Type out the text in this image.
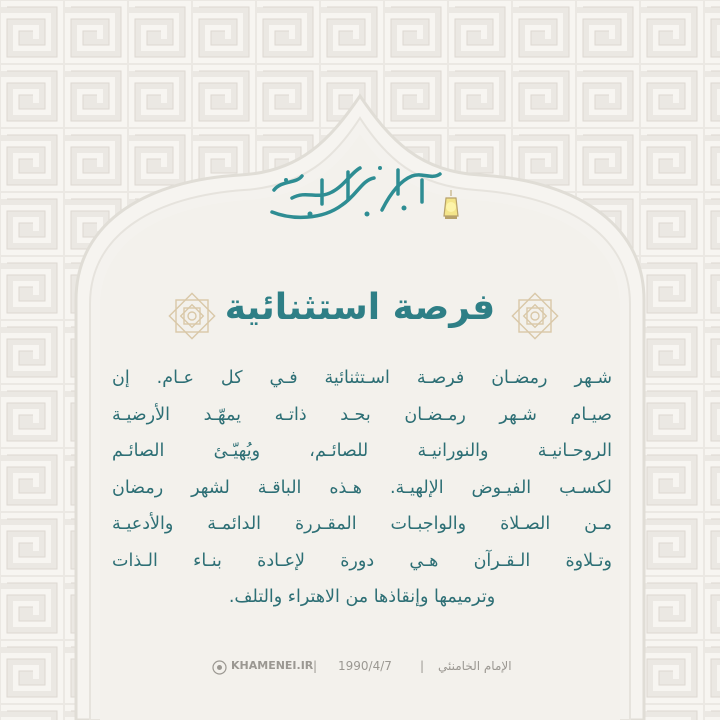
فرصة استثنائية
شـهر رمضـان فرصـة اسـتثنائية فـي كل عـام. إن
صيـام شـهر رمـضـان بحـد ذاتـه يمهّـد الأرضيـة
الروحـانيـة والنورانيـة للصائـم، ويُهيّـئ الصائـم
لكسـب الفيـوض الإلهيـة. هـذه الباقـة لشهر رمضان
مـن الصـلاة والواجبـات المقـررة الدائمـة والأدعيـة
وتـلاوة الـقـرآن هـي دورة لإعـادة بنـاء الـذات
وترميمها وإنقاذها من الاهتراء والتلف.
KHAMENEI.IR | 1990/4/7 | الإمام الخامنئي
